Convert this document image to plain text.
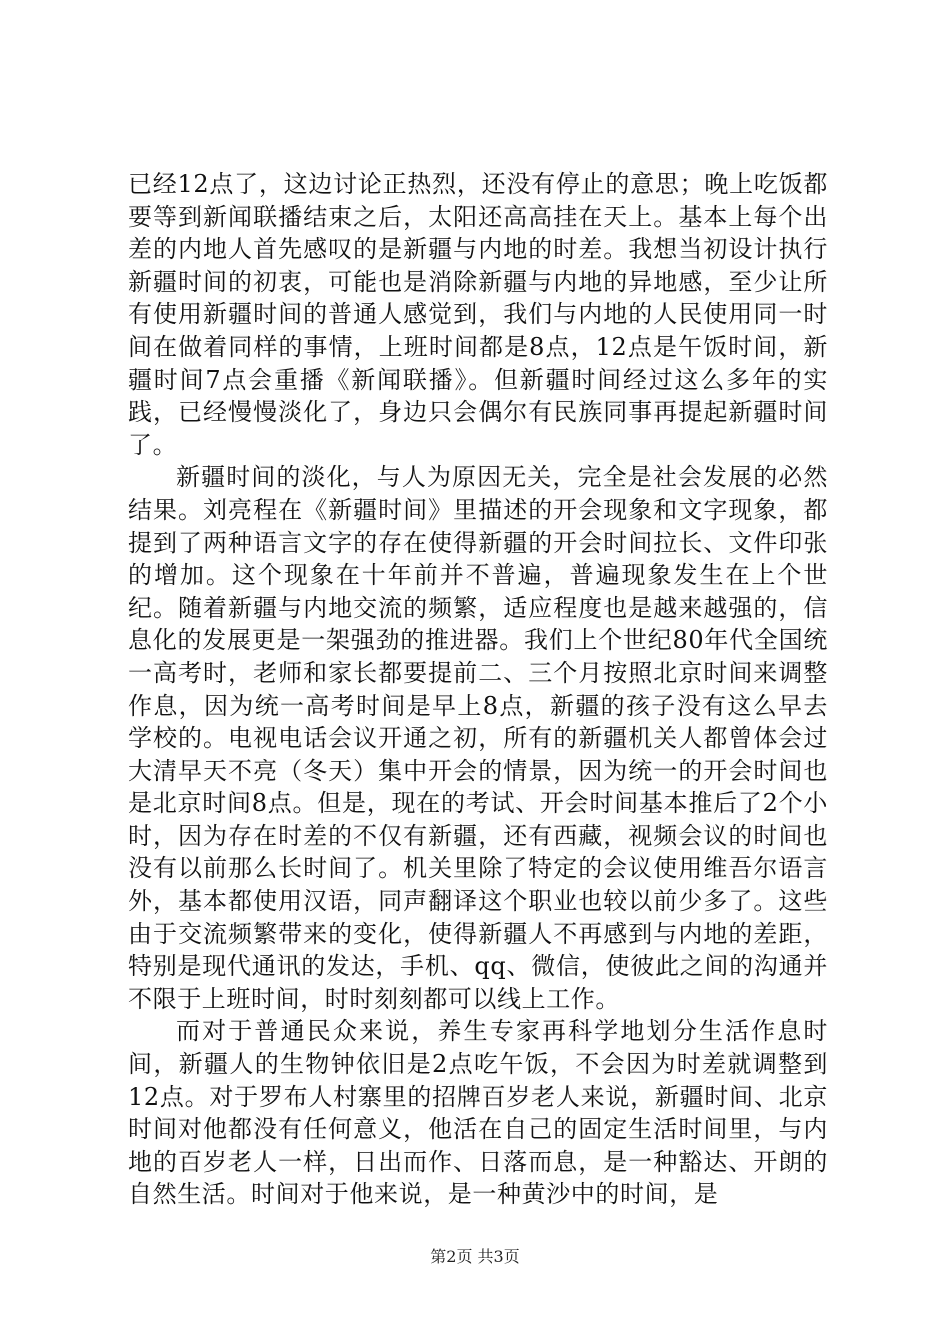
已经12点了，这边讨论正热烈，还没有停止的意思；晚上吃饭都要等到新闻联播结束之后，太阳还高高挂在天上。基本上每个出差的内地人首先感叹的是新疆与内地的时差。我想当初设计执行新疆时间的初衷，可能也是消除新疆与内地的异地感，至少让所有使用新疆时间的普通人感觉到，我们与内地的人民使用同一时间在做着同样的事情，上班时间都是8点，12点是午饭时间，新疆时间7点会重播《新闻联播》。但新疆时间经过这么多年的实践，已经慢慢淡化了，身边只会偶尔有民族同事再提起新疆时间了。

新疆时间的淡化，与人为原因无关，完全是社会发展的必然结果。刘亮程在《新疆时间》里描述的开会现象和文字现象，都提到了两种语言文字的存在使得新疆的开会时间拉长、文件印张的增加。这个现象在十年前并不普遍，普遍现象发生在上个世纪。随着新疆与内地交流的频繁，适应程度也是越来越强的，信息化的发展更是一架强劲的推进器。我们上个世纪80年代全国统一高考时，老师和家长都要提前二、三个月按照北京时间来调整作息，因为统一高考时间是早上8点，新疆的孩子没有这么早去学校的。电视电话会议开通之初，所有的新疆机关人都曾体会过大清早天不亮（冬天）集中开会的情景，因为统一的开会时间也是北京时间8点。但是，现在的考试、开会时间基本推后了2个小时，因为存在时差的不仅有新疆，还有西藏，视频会议的时间也没有以前那么长时间了。机关里除了特定的会议使用维吾尔语言外，基本都使用汉语，同声翻译这个职业也较以前少多了。这些由于交流频繁带来的变化，使得新疆人不再感到与内地的差距，特别是现代通讯的发达，手机、qq、微信，使彼此之间的沟通并不限于上班时间，时时刻刻都可以线上工作。

而对于普通民众来说，养生专家再科学地划分生活作息时间，新疆人的生物钟依旧是2点吃午饭，不会因为时差就调整到12点。对于罗布人村寨里的招牌百岁老人来说，新疆时间、北京时间对他都没有任何意义，他活在自己的固定生活时间里，与内地的百岁老人一样，日出而作、日落而息，是一种豁达、开朗的自然生活。时间对于他来说，是一种黄沙中的时间，是

第2页 共3页
